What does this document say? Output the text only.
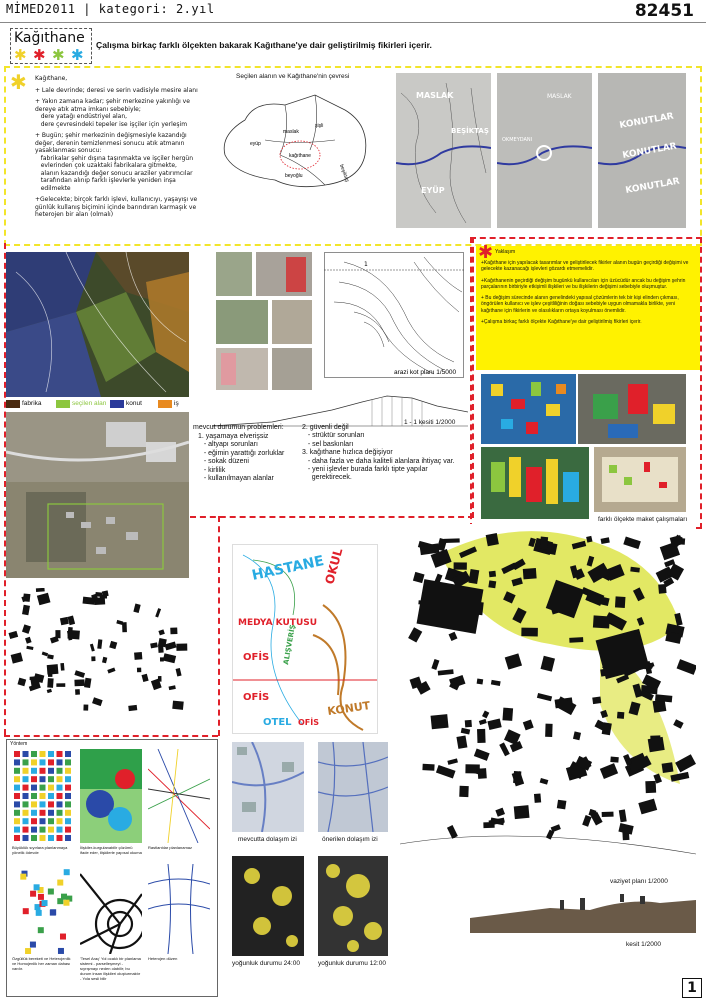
MİMED2011 | kategori: 2.yıl	82451
Kağıthane
✱ ✱ ✱ ✱
Çalışma birkaç farklı ölçekten bakarak Kağıthane'ye dair geliştirilmiş fikirleri içerir.
✱ Kağıthane,
+ Lale devrinde; deresi ve serin vadisiyle mesire alanı
+ Yakın zamana kadar; şehir merkezine yakınlığı ve
dereye atık atma imkanı sebebiyle;
dere yatağı endüstriyel alan,
dere çevresindeki tepeler ise işçiler için yerleşim
+ Bugün; şehir merkezinin değişmesiyle kazandığı
değer, derenin temizlenmesi sonucu atık atmanın
yasaklanması sonucu:
fabrikalar şehir dışına taşınmakta ve işçiler hergün
evlerinden çok uzaktaki fabrikalara gitmekte,
alanın kazandığı değer sonucu araziler yatırımcılar
tarafından alınıp farklı işlevlerle yeniden inşa
edilmekte
+Gelecekte; birçok farklı işlevi, kullanıcıyı, yaşayışı ve
günlük kullanış biçimini içinde barındıran karmaşık ve
heterojen bir alan (olmalı)
Seçilen alanın ve Kağıthane'nin çevresi
maslak
şişli
eyüp
kağıthane
beşiktaş
beyoğlu
MASLAK
BEŞİKTAŞ
EYÜP
OKMEYDANI
MASLAK
KONUTLAR
KONUTLAR
KONUTLAR
fabrika	seçilen alan	konut	iş
✱ Yaklaşım
+Kağıthane için yapılacak tasarımlar ve geliştirilecek fikirler alanın bugün geçirdiği değişimi ve gelecekte kazanacağı işlevleri gözardı etmemelidir.
+Kağıthanenin geçirdiği değişim bugünkü kullanıcıları için üzücüdür ancak bu değişim şehrin parçalarının birbiriyle etkişimli ilişkileri ve bu ilişkilerin değişimi sebebiyle oluşmuştur.
+ Bu değişim sürecinde alanın genelindeki yapısal çözümlerin tek bir kişi elinden çıkması, öngörülen kullanıcı ve işlev çeşitliliğinin doğası sebebiyle uygun olmamakla birlikte, yeni kağıthane için fikirlerin ve olasılıkların ortaya koyulması önemlidir.
+Çalışma birkaç farklı ölçekte Kağıthane'ye dair geliştirilmiş fikirleri içerir.
farklı ölçekte maket çalışmaları
1
arazi kot planı 1/5000
1 - 1 kesiti 1/2000
mevcut durumun problemleri:
1. yaşamaya elverişsiz
- altyapı sorunları
- eğimin yarattığı zorluklar
- sokak düzeni
- kirlilik
- kullanılmayan alanlar
2. güvenli değil
- strüktür sorunları
- sel baskınları
3. kağıthane hızlıca değişiyor
- daha fazla ve daha kaliteli alanlara ihtiyaç var.
- yeni işlevler burada farklı tipte yapılar
gerektirecek.
HASTANE
OKUL
MEDYA KUTUSU
OFİS
OFİS
KONUT
OTEL OFİS
ALIŞVERİŞ
vaziyet planı 1/2000
kesit 1/2000
Yöntem
Büyüklük sıyırlara planlanmaya yönelik ödevde
İlişkiler-kurgulanabilir çözümü ifade eder, ilişkilerle yapısal okuma
Rastlantılar planlanamaz
Özgüllük bereketi ve Heterojenlik ve Homojenlik her zaman dahası vardır.
'Tesel Araç' Yol ocaklı bir planlama sistemi - parselleşmeyi - sıyrışmayı neden olabilir; bu durum insan ilişkileri oluşturmaktır - Yola sesli bilir
Heterojen düzen
mevcutta dolaşım izi	önerilen dolaşım izi
yoğunluk durumu 24:00	yoğunluk durumu 12:00
1
